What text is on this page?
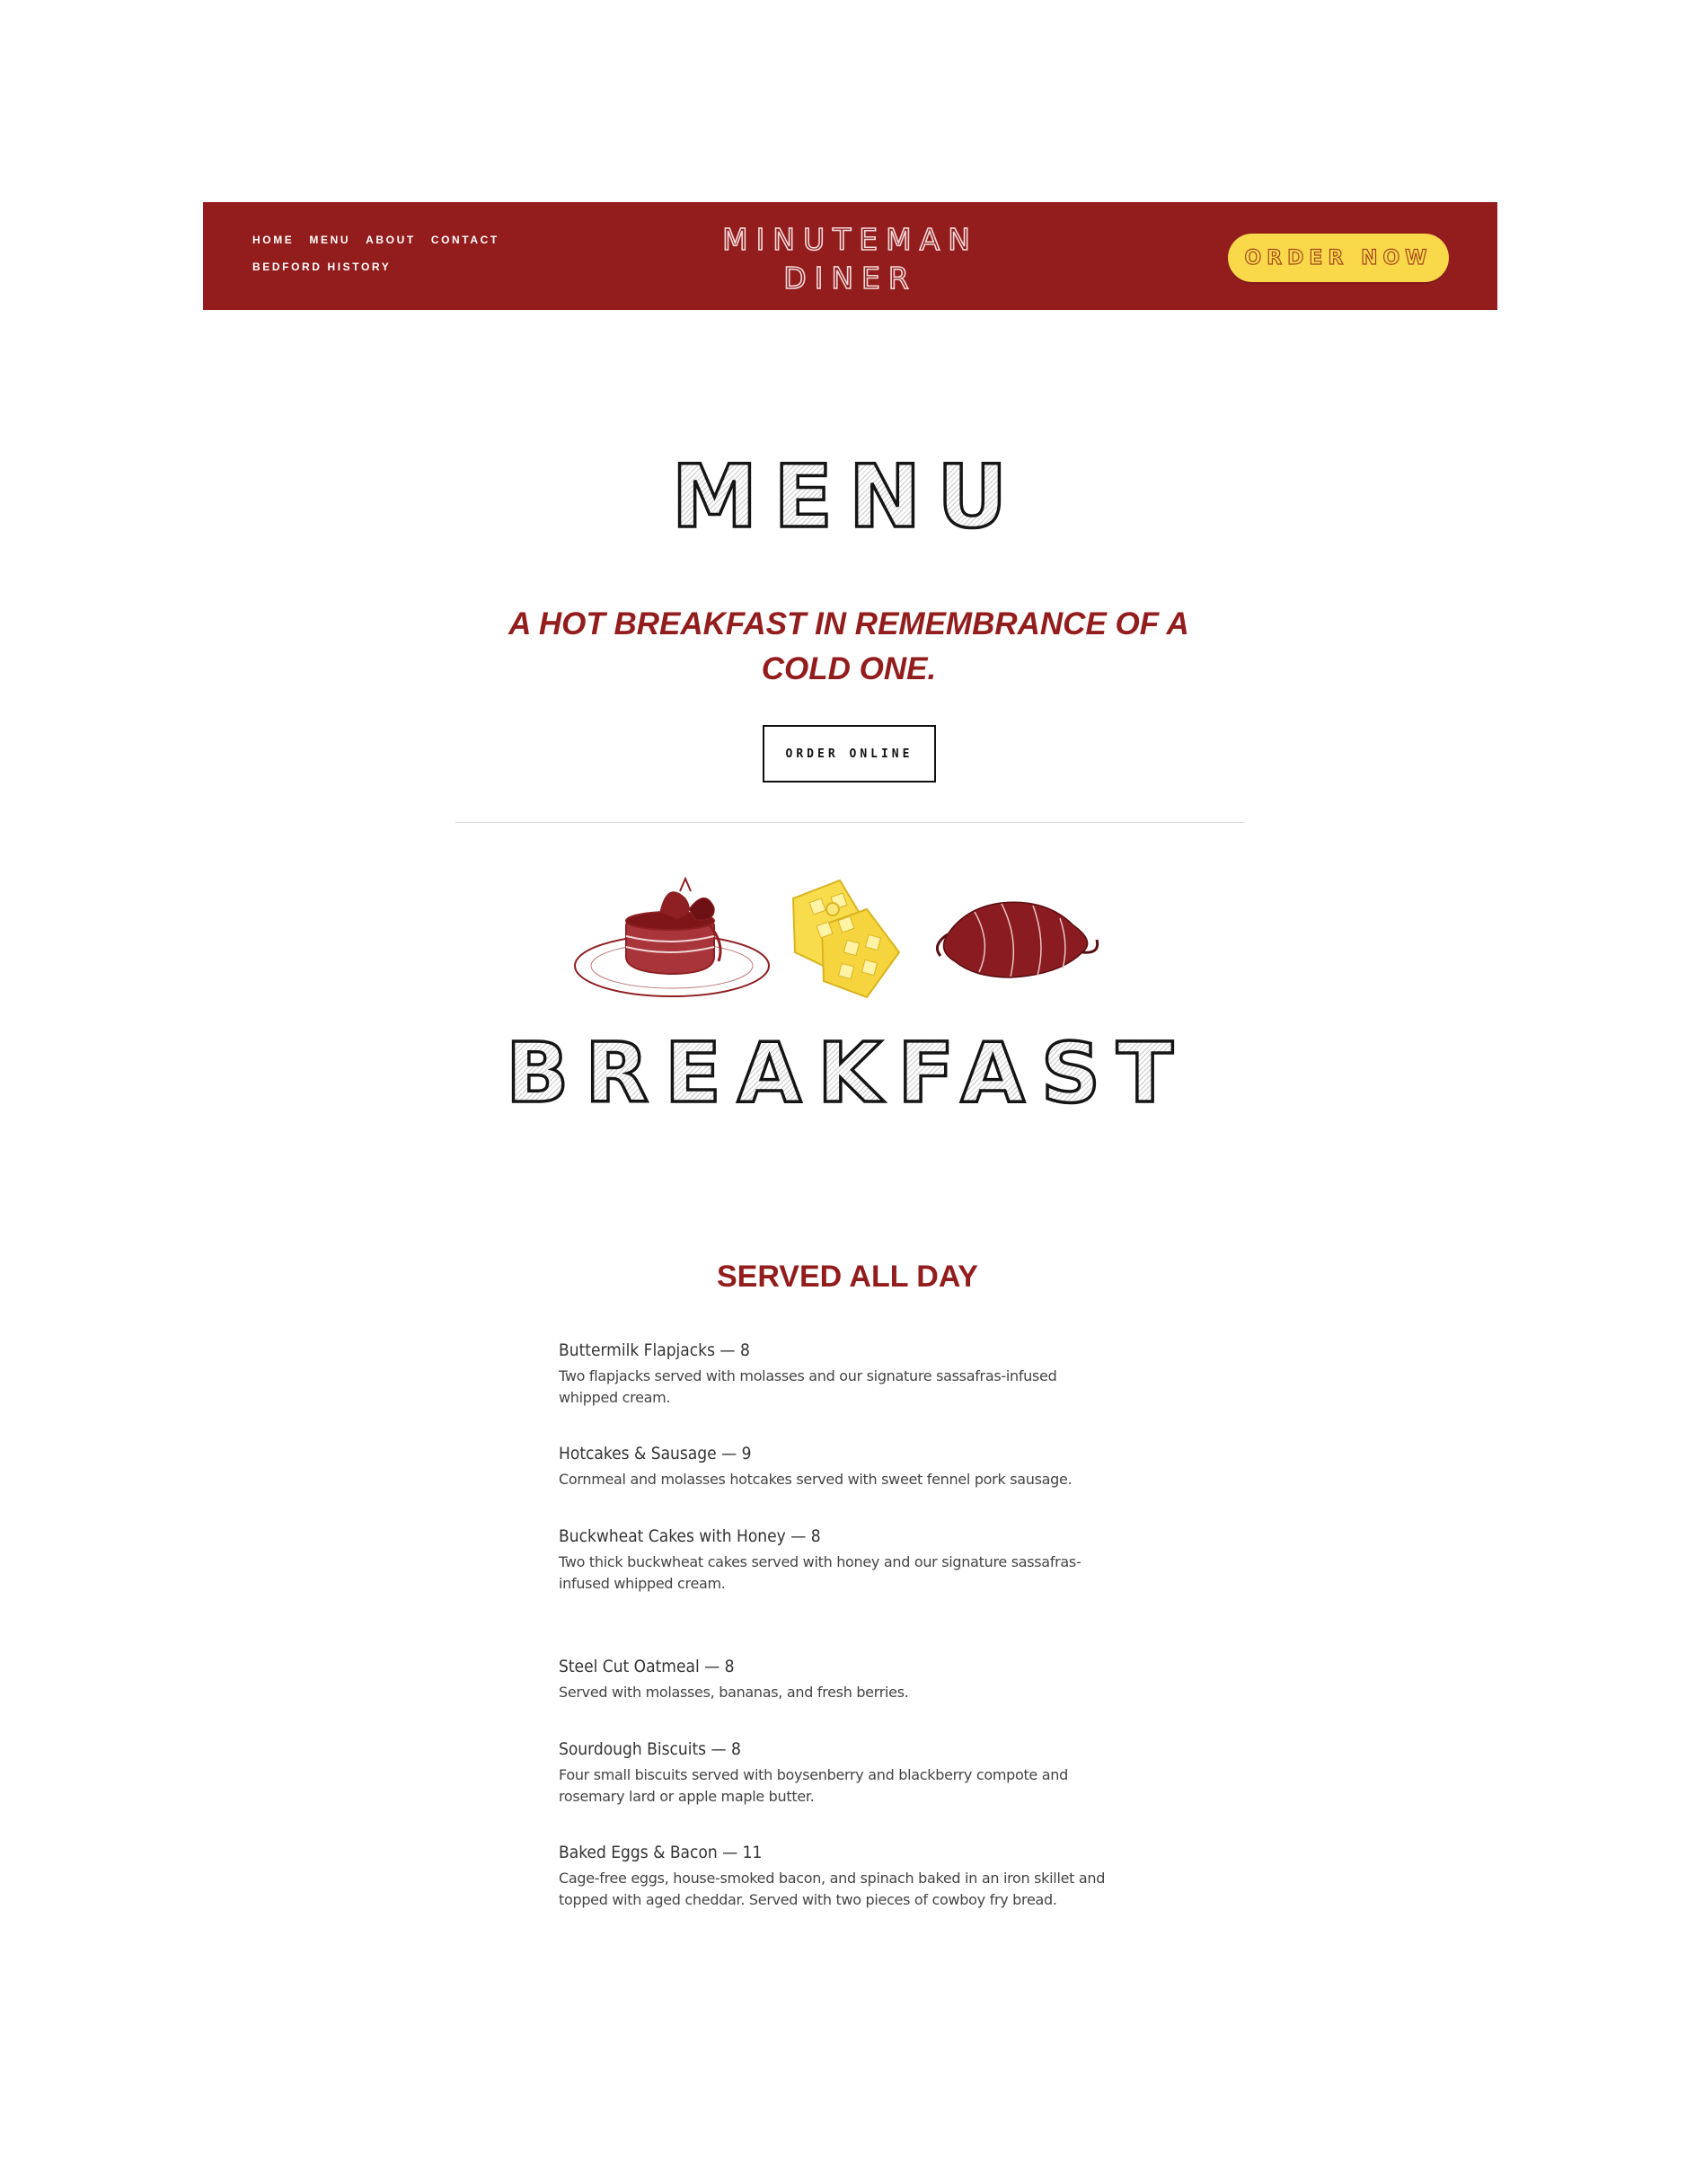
HOME MENU ABOUT CONTACT
BEDFORD HISTORY
MINUTEMAN
DINER
ORDER NOW
MENU
A HOT BREAKFAST IN REMEMBRANCE OF A COLD ONE.
ORDER ONLINE
BREAKFAST
SERVED ALL DAY
Buttermilk Flapjacks — 8
Two flapjacks served with molasses and our signature sassafras-infused whipped cream.
Hotcakes & Sausage — 9
Cornmeal and molasses hotcakes served with sweet fennel pork sausage.
Buckwheat Cakes with Honey — 8
Two thick buckwheat cakes served with honey and our signature sassafras-infused whipped cream.
Steel Cut Oatmeal — 8
Served with molasses, bananas, and fresh berries.
Sourdough Biscuits — 8
Four small biscuits served with boysenberry and blackberry compote and rosemary lard or apple maple butter.
Baked Eggs & Bacon — 11
Cage-free eggs, house-smoked bacon, and spinach baked in an iron skillet and topped with aged cheddar. Served with two pieces of cowboy fry bread.
